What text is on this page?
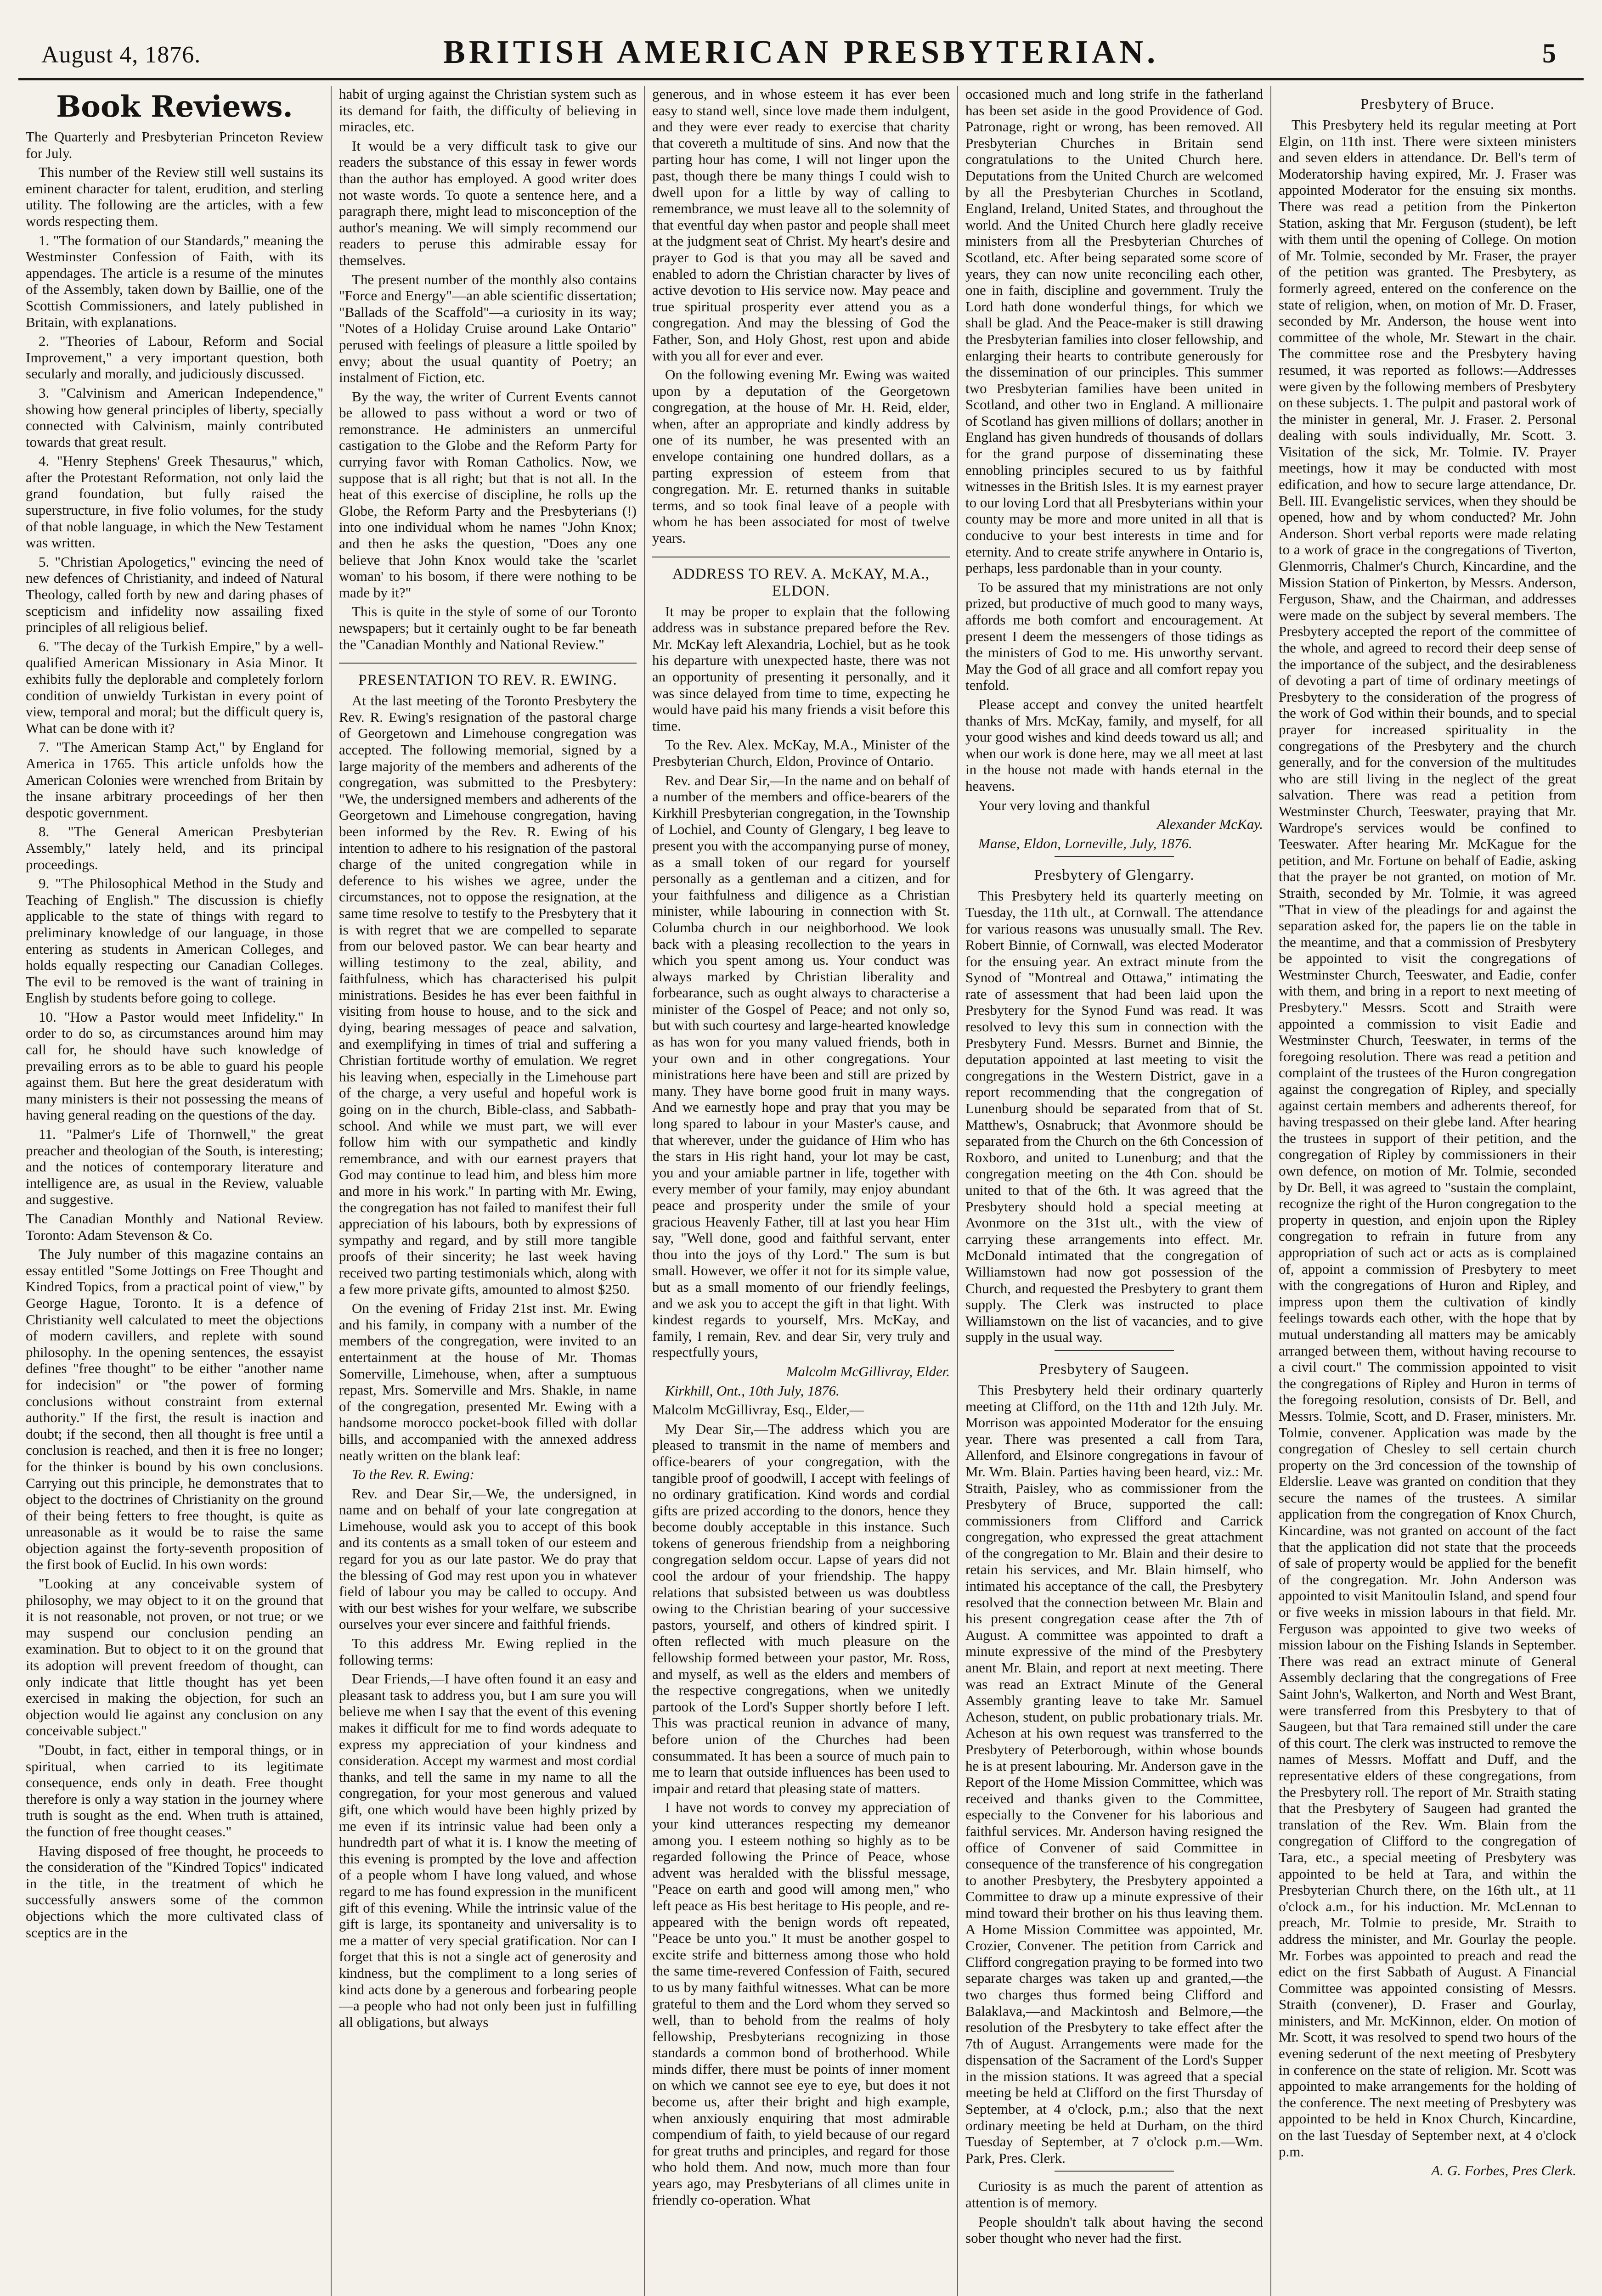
August 4, 1876.	BRITISH AMERICAN PRESBYTERIAN.	5
Book Reviews.

The Quarterly and Presbyterian Princeton Review for July.

This number of the Review still well sustains its eminent character for talent, erudition, and sterling utility. The following are the articles, with a few words respecting them.

1. "The formation of our Standards," meaning the Westminster Confession of Faith, with its appendages. The article is a resume of the minutes of the Assembly, taken down by Baillie, one of the Scottish Commissioners, and lately published in Britain, with explanations.

2. "Theories of Labour, Reform and Social Improvement," a very important question, both secularly and morally, and judiciously discussed.

3. "Calvinism and American Independence," showing how general principles of liberty, specially connected with Calvinism, mainly contributed towards that great result.

4. "Henry Stephens' Greek Thesaurus," which, after the Protestant Reformation, not only laid the grand foundation, but fully raised the superstructure, in five folio volumes, for the study of that noble language, in which the New Testament was written.

5. "Christian Apologetics," evincing the need of new defences of Christianity, and indeed of Natural Theology, called forth by new and daring phases of scepticism and infidelity now assailing fixed principles of all religious belief.

6. "The decay of the Turkish Empire," by a well-qualified American Missionary in Asia Minor. It exhibits fully the deplorable and completely forlorn condition of unwieldy Turkistan in every point of view, temporal and moral; but the difficult query is, What can be done with it?

7. "The American Stamp Act," by England for America in 1765. This article unfolds how the American Colonies were wrenched from Britain by the insane arbitrary proceedings of her then despotic government.

8. "The General American Presbyterian Assembly," lately held, and its principal proceedings.

9. "The Philosophical Method in the Study and Teaching of English." The discussion is chiefly applicable to the state of things with regard to preliminary knowledge of our language, in those entering as students in American Colleges, and holds equally respecting our Canadian Colleges. The evil to be removed is the want of training in English by students before going to college.

10. "How a Pastor would meet Infidelity." In order to do so, as circumstances around him may call for, he should have such knowledge of prevailing errors as to be able to guard his people against them. But here the great desideratum with many ministers is their not possessing the means of having general reading on the questions of the day.

11. "Palmer's Life of Thornwell," the great preacher and theologian of the South, is interesting; and the notices of contemporary literature and intelligence are, as usual in the Review, valuable and suggestive.

The Canadian Monthly and National Review. Toronto: Adam Stevenson & Co.

The July number of this magazine contains an essay entitled "Some Jottings on Free Thought and Kindred Topics, from a practical point of view," by George Hague, Toronto. It is a defence of Christianity well calculated to meet the objections of modern cavillers, and replete with sound philosophy. In the opening sentences, the essayist defines "free thought" to be either "another name for indecision" or "the power of forming conclusions without constraint from external authority." If the first, the result is inaction and doubt; if the second, then all thought is free until a conclusion is reached, and then it is free no longer; for the thinker is bound by his own conclusions. Carrying out this principle, he demonstrates that to object to the doctrines of Christianity on the ground of their being fetters to free thought, is quite as unreasonable as it would be to raise the same objection against the forty-seventh proposition of the first book of Euclid. In his own words:

"Looking at any conceivable system of philosophy, we may object to it on the ground that it is not reasonable, not proven, or not true; or we may suspend our conclusion pending an examination. But to object to it on the ground that its adoption will prevent freedom of thought, can only indicate that little thought has yet been exercised in making the objection, for such an objection would lie against any conclusion on any conceivable subject."

"Doubt, in fact, either in temporal things, or in spiritual, when carried to its legitimate consequence, ends only in death. Free thought therefore is only a way station in the journey where truth is sought as the end. When truth is attained, the function of free thought ceases."

Having disposed of free thought, he proceeds to the consideration of the "Kindred Topics" indicated in the title, in the treatment of which he successfully answers some of the common objections which the more cultivated class of sceptics are in the

habit of urging against the Christian system such as its demand for faith, the difficulty of believing in miracles, etc.

It would be a very difficult task to give our readers the substance of this essay in fewer words than the author has employed. A good writer does not waste words. To quote a sentence here, and a paragraph there, might lead to misconception of the author's meaning. We will simply recommend our readers to peruse this admirable essay for themselves.

The present number of the monthly also contains "Force and Energy"—an able scientific dissertation; "Ballads of the Scaffold"—a curiosity in its way; "Notes of a Holiday Cruise around Lake Ontario" perused with feelings of pleasure a little spoiled by envy; about the usual quantity of Poetry; an instalment of Fiction, etc.

By the way, the writer of Current Events cannot be allowed to pass without a word or two of remonstrance. He administers an unmerciful castigation to the Globe and the Reform Party for currying favor with Roman Catholics. Now, we suppose that is all right; but that is not all. In the heat of this exercise of discipline, he rolls up the Globe, the Reform Party and the Presbyterians (!) into one individual whom he names "John Knox; and then he asks the question, "Does any one believe that John Knox would take the 'scarlet woman' to his bosom, if there were nothing to be made by it?"

This is quite in the style of some of our Toronto newspapers; but it certainly ought to be far beneath the "Canadian Monthly and National Review."

PRESENTATION TO REV. R. EWING.

At the last meeting of the Toronto Presbytery the Rev. R. Ewing's resignation of the pastoral charge of Georgetown and Limehouse congregation was accepted. The following memorial, signed by a large majority of the members and adherents of the congregation, was submitted to the Presbytery: "We, the undersigned members and adherents of the Georgetown and Limehouse congregation, having been informed by the Rev. R. Ewing of his intention to adhere to his resignation of the pastoral charge of the united congregation while in deference to his wishes we agree, under the circumstances, not to oppose the resignation, at the same time resolve to testify to the Presbytery that it is with regret that we are compelled to separate from our beloved pastor. We can bear hearty and willing testimony to the zeal, ability, and faithfulness, which has characterised his pulpit ministrations. Besides he has ever been faithful in visiting from house to house, and to the sick and dying, bearing messages of peace and salvation, and exemplifying in times of trial and suffering a Christian fortitude worthy of emulation. We regret his leaving when, especially in the Limehouse part of the charge, a very useful and hopeful work is going on in the church, Bible-class, and Sabbath-school. And while we must part, we will ever follow him with our sympathetic and kindly remembrance, and with our earnest prayers that God may continue to lead him, and bless him more and more in his work." In parting with Mr. Ewing, the congregation has not failed to manifest their full appreciation of his labours, both by expressions of sympathy and regard, and by still more tangible proofs of their sincerity; he last week having received two parting testimonials which, along with a few more private gifts, amounted to almost $250.

On the evening of Friday 21st inst. Mr. Ewing and his family, in company with a number of the members of the congregation, were invited to an entertainment at the house of Mr. Thomas Somerville, Limehouse, when, after a sumptuous repast, Mrs. Somerville and Mrs. Shakle, in name of the congregation, presented Mr. Ewing with a handsome morocco pocket-book filled with dollar bills, and accompanied with the annexed address neatly written on the blank leaf:

To the Rev. R. Ewing:

Rev. and Dear Sir,—We, the undersigned, in name and on behalf of your late congregation at Limehouse, would ask you to accept of this book and its contents as a small token of our esteem and regard for you as our late pastor. We do pray that the blessing of God may rest upon you in whatever field of labour you may be called to occupy. And with our best wishes for your welfare, we subscribe ourselves your ever sincere and faithful friends.

To this address Mr. Ewing replied in the following terms:

Dear Friends,—I have often found it an easy and pleasant task to address you, but I am sure you will believe me when I say that the event of this evening makes it difficult for me to find words adequate to express my appreciation of your kindness and consideration. Accept my warmest and most cordial thanks, and tell the same in my name to all the congregation, for your most generous and valued gift, one which would have been highly prized by me even if its intrinsic value had been only a hundredth part of what it is. I know the meeting of this evening is prompted by the love and affection of a people whom I have long valued, and whose regard to me has found expression in the munificent gift of this evening. While the intrinsic value of the gift is large, its spontaneity and universality is to me a matter of very special gratification. Nor can I forget that this is not a single act of generosity and kindness, but the compliment to a long series of kind acts done by a generous and forbearing people—a people who had not only been just in fulfilling all obligations, but always

generous, and in whose esteem it has ever been easy to stand well, since love made them indulgent, and they were ever ready to exercise that charity that covereth a multitude of sins. And now that the parting hour has come, I will not linger upon the past, though there be many things I could wish to dwell upon for a little by way of calling to remembrance, we must leave all to the solemnity of that eventful day when pastor and people shall meet at the judgment seat of Christ. My heart's desire and prayer to God is that you may all be saved and enabled to adorn the Christian character by lives of active devotion to His service now. May peace and true spiritual prosperity ever attend you as a congregation. And may the blessing of God the Father, Son, and Holy Ghost, rest upon and abide with you all for ever and ever.

On the following evening Mr. Ewing was waited upon by a deputation of the Georgetown congregation, at the house of Mr. H. Reid, elder, when, after an appropriate and kindly address by one of its number, he was presented with an envelope containing one hundred dollars, as a parting expression of esteem from that congregation. Mr. E. returned thanks in suitable terms, and so took final leave of a people with whom he has been associated for most of twelve years.

ADDRESS TO REV. A. McKAY, M.A., ELDON.

It may be proper to explain that the following address was in substance prepared before the Rev. Mr. McKay left Alexandria, Lochiel, but as he took his departure with unexpected haste, there was not an opportunity of presenting it personally, and it was since delayed from time to time, expecting he would have paid his many friends a visit before this time.

To the Rev. Alex. McKay, M.A., Minister of the Presbyterian Church, Eldon, Province of Ontario.

Rev. and Dear Sir,—In the name and on behalf of a number of the members and office-bearers of the Kirkhill Presbyterian congregation, in the Township of Lochiel, and County of Glengary, I beg leave to present you with the accompanying purse of money, as a small token of our regard for yourself personally as a gentleman and a citizen, and for your faithfulness and diligence as a Christian minister, while labouring in connection with St. Columba church in our neighborhood. We look back with a pleasing recollection to the years in which you spent among us. Your conduct was always marked by Christian liberality and forbearance, such as ought always to characterise a minister of the Gospel of Peace; and not only so, but with such courtesy and large-hearted knowledge as has won for you many valued friends, both in your own and in other congregations. Your ministrations here have been and still are prized by many. They have borne good fruit in many ways. And we earnestly hope and pray that you may be long spared to labour in your Master's cause, and that wherever, under the guidance of Him who has the stars in His right hand, your lot may be cast, you and your amiable partner in life, together with every member of your family, may enjoy abundant peace and prosperity under the smile of your gracious Heavenly Father, till at last you hear Him say, "Well done, good and faithful servant, enter thou into the joys of thy Lord." The sum is but small. However, we offer it not for its simple value, but as a small momento of our friendly feelings, and we ask you to accept the gift in that light. With kindest regards to yourself, Mrs. McKay, and family, I remain, Rev. and dear Sir, very truly and respectfully yours,

Malcolm McGillivray, Elder.

Kirkhill, Ont., 10th July, 1876.

Malcolm McGillivray, Esq., Elder,—

My Dear Sir,—The address which you are pleased to transmit in the name of members and office-bearers of your congregation, with the tangible proof of goodwill, I accept with feelings of no ordinary gratification. Kind words and cordial gifts are prized according to the donors, hence they become doubly acceptable in this instance. Such tokens of generous friendship from a neighboring congregation seldom occur. Lapse of years did not cool the ardour of your friendship. The happy relations that subsisted between us was doubtless owing to the Christian bearing of your successive pastors, yourself, and others of kindred spirit. I often reflected with much pleasure on the fellowship formed between your pastor, Mr. Ross, and myself, as well as the elders and members of the respective congregations, when we unitedly partook of the Lord's Supper shortly before I left. This was practical reunion in advance of many, before union of the Churches had been consummated. It has been a source of much pain to me to learn that outside influences has been used to impair and retard that pleasing state of matters.

I have not words to convey my appreciation of your kind utterances respecting my demeanor among you. I esteem nothing so highly as to be regarded following the Prince of Peace, whose advent was heralded with the blissful message, "Peace on earth and good will among men," who left peace as His best heritage to His people, and re-appeared with the benign words oft repeated, "Peace be unto you." It must be another gospel to excite strife and bitterness among those who hold the same time-revered Confession of Faith, secured to us by many faithful witnesses. What can be more grateful to them and the Lord whom they served so well, than to behold from the realms of holy fellowship, Presbyterians recognizing in those standards a common bond of brotherhood. While minds differ, there must be points of inner moment on which we cannot see eye to eye, but does it not become us, after their bright and high example, when anxiously enquiring that most admirable compendium of faith, to yield because of our regard for great truths and principles, and regard for those who hold them. And now, much more than four years ago, may Presbyterians of all climes unite in friendly co-operation. What

occasioned much and long strife in the fatherland has been set aside in the good Providence of God. Patronage, right or wrong, has been removed. All Presbyterian Churches in Britain send congratulations to the United Church here. Deputations from the United Church are welcomed by all the Presbyterian Churches in Scotland, England, Ireland, United States, and throughout the world. And the United Church here gladly receive ministers from all the Presbyterian Churches of Scotland, etc. After being separated some score of years, they can now unite reconciling each other, one in faith, discipline and government. Truly the Lord hath done wonderful things, for which we shall be glad. And the Peace-maker is still drawing the Presbyterian families into closer fellowship, and enlarging their hearts to contribute generously for the dissemination of our principles. This summer two Presbyterian families have been united in Scotland, and other two in England. A millionaire of Scotland has given millions of dollars; another in England has given hundreds of thousands of dollars for the grand purpose of disseminating these ennobling principles secured to us by faithful witnesses in the British Isles. It is my earnest prayer to our loving Lord that all Presbyterians within your county may be more and more united in all that is conducive to your best interests in time and for eternity. And to create strife anywhere in Ontario is, perhaps, less pardonable than in your county.

To be assured that my ministrations are not only prized, but productive of much good to many ways, affords me both comfort and encouragement. At present I deem the messengers of those tidings as the ministers of God to me. His unworthy servant. May the God of all grace and all comfort repay you tenfold.

Please accept and convey the united heartfelt thanks of Mrs. McKay, family, and myself, for all your good wishes and kind deeds toward us all; and when our work is done here, may we all meet at last in the house not made with hands eternal in the heavens.

Your very loving and thankful

Alexander McKay.

Manse, Eldon, Lorneville, July, 1876.

Presbytery of Glengarry.

This Presbytery held its quarterly meeting on Tuesday, the 11th ult., at Cornwall. The attendance for various reasons was unusually small. The Rev. Robert Binnie, of Cornwall, was elected Moderator for the ensuing year. An extract minute from the Synod of "Montreal and Ottawa," intimating the rate of assessment that had been laid upon the Presbytery for the Synod Fund was read. It was resolved to levy this sum in connection with the Presbytery Fund. Messrs. Burnet and Binnie, the deputation appointed at last meeting to visit the congregations in the Western District, gave in a report recommending that the congregation of Lunenburg should be separated from that of St. Matthew's, Osnabruck; that Avonmore should be separated from the Church on the 6th Concession of Roxboro, and united to Lunenburg; and that the congregation meeting on the 4th Con. should be united to that of the 6th. It was agreed that the Presbytery should hold a special meeting at Avonmore on the 31st ult., with the view of carrying these arrangements into effect. Mr. McDonald intimated that the congregation of Williamstown had now got possession of the Church, and requested the Presbytery to grant them supply. The Clerk was instructed to place Williamstown on the list of vacancies, and to give supply in the usual way.

Presbytery of Saugeen.

This Presbytery held their ordinary quarterly meeting at Clifford, on the 11th and 12th July. Mr. Morrison was appointed Moderator for the ensuing year. There was presented a call from Tara, Allenford, and Elsinore congregations in favour of Mr. Wm. Blain. Parties having been heard, viz.: Mr. Straith, Paisley, who as commissioner from the Presbytery of Bruce, supported the call: commissioners from Clifford and Carrick congregation, who expressed the great attachment of the congregation to Mr. Blain and their desire to retain his services, and Mr. Blain himself, who intimated his acceptance of the call, the Presbytery resolved that the connection between Mr. Blain and his present congregation cease after the 7th of August. A committee was appointed to draft a minute expressive of the mind of the Presbytery anent Mr. Blain, and report at next meeting. There was read an Extract Minute of the General Assembly granting leave to take Mr. Samuel Acheson, student, on public probationary trials. Mr. Acheson at his own request was transferred to the Presbytery of Peterborough, within whose bounds he is at present labouring. Mr. Anderson gave in the Report of the Home Mission Committee, which was received and thanks given to the Committee, especially to the Convener for his laborious and faithful services. Mr. Anderson having resigned the office of Convener of said Committee in consequence of the transference of his congregation to another Presbytery, the Presbytery appointed a Committee to draw up a minute expressive of their mind toward their brother on his thus leaving them. A Home Mission Committee was appointed, Mr. Crozier, Convener. The petition from Carrick and Clifford congregation praying to be formed into two separate charges was taken up and granted,—the two charges thus formed being Clifford and Balaklava,—and Mackintosh and Belmore,—the resolution of the Presbytery to take effect after the 7th of August. Arrangements were made for the dispensation of the Sacrament of the Lord's Supper in the mission stations. It was agreed that a special meeting be held at Clifford on the first Thursday of September, at 4 o'clock, p.m.; also that the next ordinary meeting be held at Durham, on the third Tuesday of September, at 7 o'clock p.m.—Wm. Park, Pres. Clerk.

Curiosity is as much the parent of attention as attention is of memory.

People shouldn't talk about having the second sober thought who never had the first.

Presbytery of Bruce.

This Presbytery held its regular meeting at Port Elgin, on 11th inst. There were sixteen ministers and seven elders in attendance. Dr. Bell's term of Moderatorship having expired, Mr. J. Fraser was appointed Moderator for the ensuing six months. There was read a petition from the Pinkerton Station, asking that Mr. Ferguson (student), be left with them until the opening of College. On motion of Mr. Tolmie, seconded by Mr. Fraser, the prayer of the petition was granted. The Presbytery, as formerly agreed, entered on the conference on the state of religion, when, on motion of Mr. D. Fraser, seconded by Mr. Anderson, the house went into committee of the whole, Mr. Stewart in the chair. The committee rose and the Presbytery having resumed, it was reported as follows:—Addresses were given by the following members of Presbytery on these subjects. 1. The pulpit and pastoral work of the minister in general, Mr. J. Fraser. 2. Personal dealing with souls individually, Mr. Scott. 3. Visitation of the sick, Mr. Tolmie. IV. Prayer meetings, how it may be conducted with most edification, and how to secure large attendance, Dr. Bell. III. Evangelistic services, when they should be opened, how and by whom conducted? Mr. John Anderson. Short verbal reports were made relating to a work of grace in the congregations of Tiverton, Glenmorris, Chalmer's Church, Kincardine, and the Mission Station of Pinkerton, by Messrs. Anderson, Ferguson, Shaw, and the Chairman, and addresses were made on the subject by several members. The Presbytery accepted the report of the committee of the whole, and agreed to record their deep sense of the importance of the subject, and the desirableness of devoting a part of time of ordinary meetings of Presbytery to the consideration of the progress of the work of God within their bounds, and to special prayer for increased spirituality in the congregations of the Presbytery and the church generally, and for the conversion of the multitudes who are still living in the neglect of the great salvation. There was read a petition from Westminster Church, Teeswater, praying that Mr. Wardrope's services would be confined to Teeswater. After hearing Mr. McKague for the petition, and Mr. Fortune on behalf of Eadie, asking that the prayer be not granted, on motion of Mr. Straith, seconded by Mr. Tolmie, it was agreed "That in view of the pleadings for and against the separation asked for, the papers lie on the table in the meantime, and that a commission of Presbytery be appointed to visit the congregations of Westminster Church, Teeswater, and Eadie, confer with them, and bring in a report to next meeting of Presbytery." Messrs. Scott and Straith were appointed a commission to visit Eadie and Westminster Church, Teeswater, in terms of the foregoing resolution. There was read a petition and complaint of the trustees of the Huron congregation against the congregation of Ripley, and specially against certain members and adherents thereof, for having trespassed on their glebe land. After hearing the trustees in support of their petition, and the congregation of Ripley by commissioners in their own defence, on motion of Mr. Tolmie, seconded by Dr. Bell, it was agreed to "sustain the complaint, recognize the right of the Huron congregation to the property in question, and enjoin upon the Ripley congregation to refrain in future from any appropriation of such act or acts as is complained of, appoint a commission of Presbytery to meet with the congregations of Huron and Ripley, and impress upon them the cultivation of kindly feelings towards each other, with the hope that by mutual understanding all matters may be amicably arranged between them, without having recourse to a civil court." The commission appointed to visit the congregations of Ripley and Huron in terms of the foregoing resolution, consists of Dr. Bell, and Messrs. Tolmie, Scott, and D. Fraser, ministers. Mr. Tolmie, convener. Application was made by the congregation of Chesley to sell certain church property on the 3rd concession of the township of Elderslie. Leave was granted on condition that they secure the names of the trustees. A similar application from the congregation of Knox Church, Kincardine, was not granted on account of the fact that the application did not state that the proceeds of sale of property would be applied for the benefit of the congregation. Mr. John Anderson was appointed to visit Manitoulin Island, and spend four or five weeks in mission labours in that field. Mr. Ferguson was appointed to give two weeks of mission labour on the Fishing Islands in September. There was read an extract minute of General Assembly declaring that the congregations of Free Saint John's, Walkerton, and North and West Brant, were transferred from this Presbytery to that of Saugeen, but that Tara remained still under the care of this court. The clerk was instructed to remove the names of Messrs. Moffatt and Duff, and the representative elders of these congregations, from the Presbytery roll. The report of Mr. Straith stating that the Presbytery of Saugeen had granted the translation of the Rev. Wm. Blain from the congregation of Clifford to the congregation of Tara, etc., a special meeting of Presbytery was appointed to be held at Tara, and within the Presbyterian Church there, on the 16th ult., at 11 o'clock a.m., for his induction. Mr. McLennan to preach, Mr. Tolmie to preside, Mr. Straith to address the minister, and Mr. Gourlay the people. Mr. Forbes was appointed to preach and read the edict on the first Sabbath of August. A Financial Committee was appointed consisting of Messrs. Straith (convener), D. Fraser and Gourlay, ministers, and Mr. McKinnon, elder. On motion of Mr. Scott, it was resolved to spend two hours of the evening sederunt of the next meeting of Presbytery in conference on the state of religion. Mr. Scott was appointed to make arrangements for the holding of the conference. The next meeting of Presbytery was appointed to be held in Knox Church, Kincardine, on the last Tuesday of September next, at 4 o'clock p.m.

A. G. Forbes, Pres Clerk.
